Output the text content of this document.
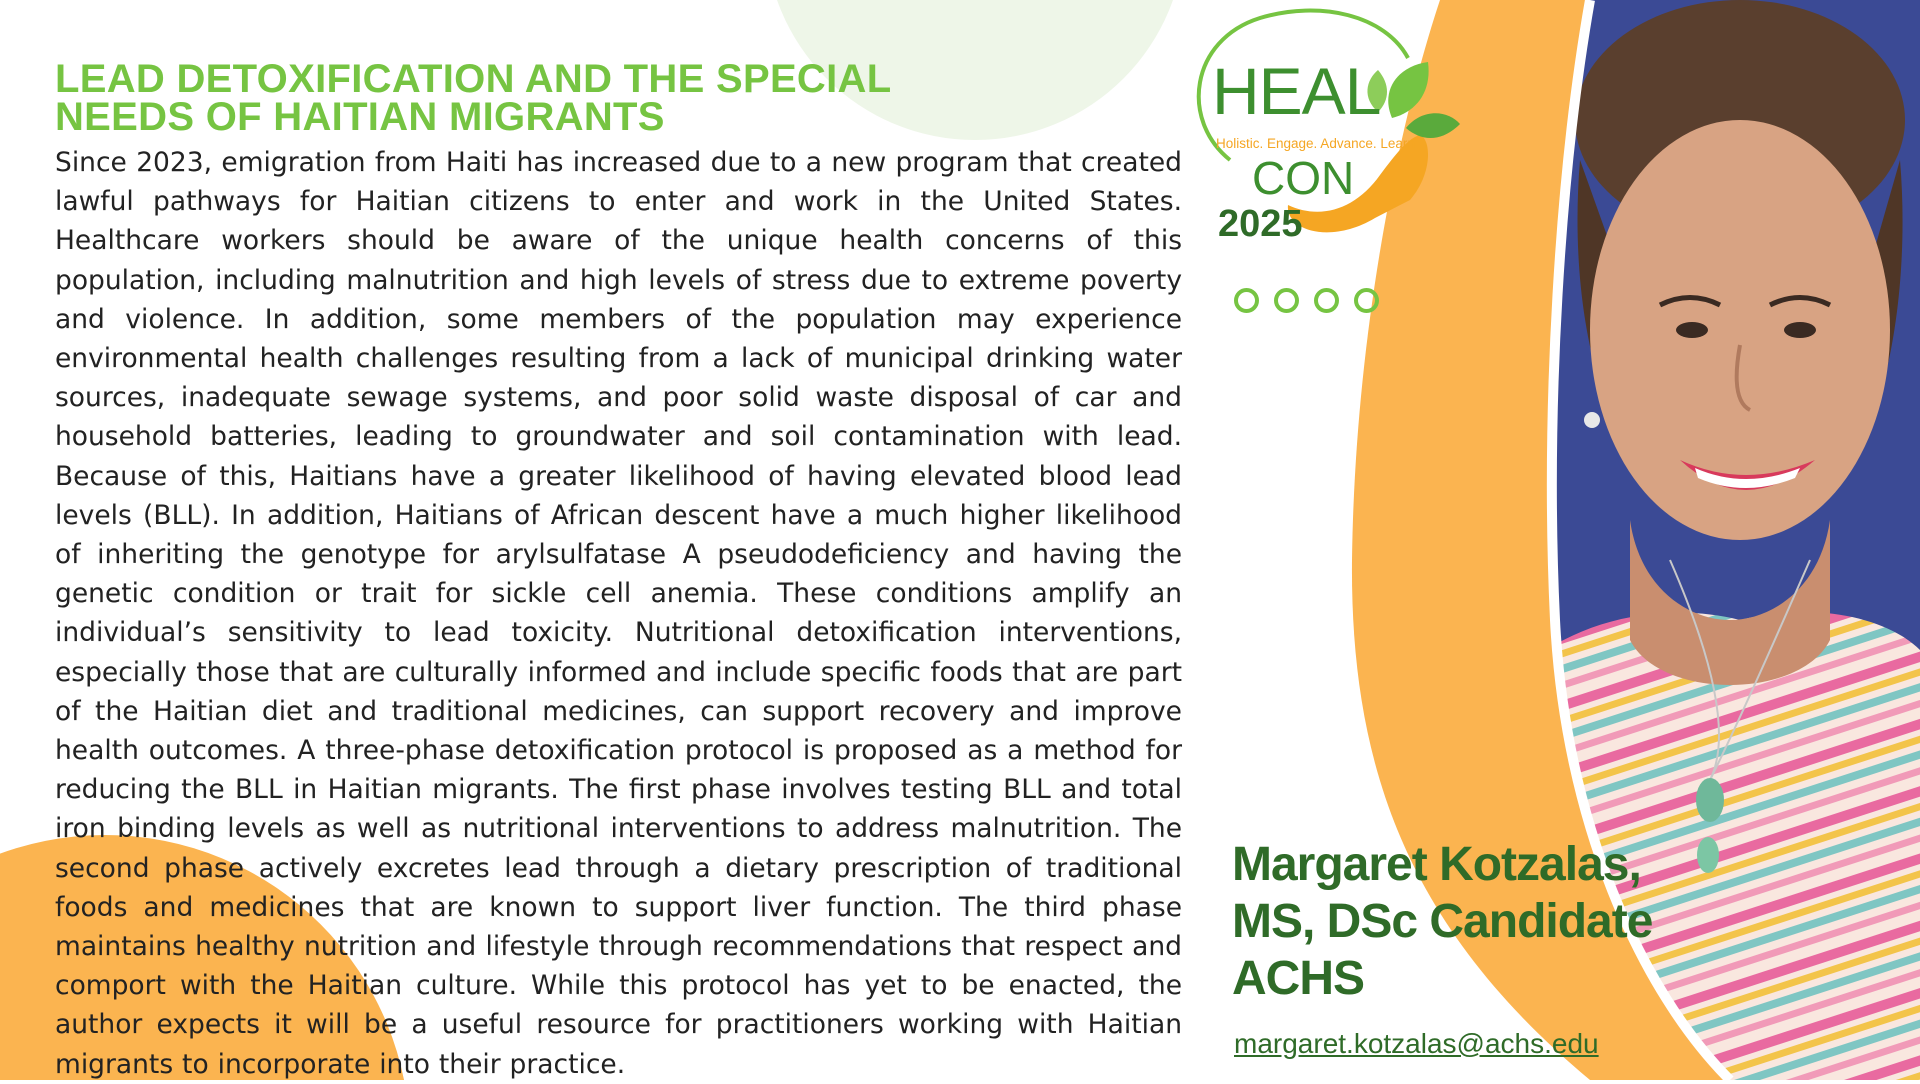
LEAD DETOXIFICATION AND THE SPECIAL
NEEDS OF HAITIAN MIGRANTS

Since 2023, emigration from Haiti has increased due to a new program that created lawful pathways for Haitian citizens to enter and work in the United States. Healthcare workers should be aware of the unique health concerns of this population, including malnutrition and high levels of stress due to extreme poverty and violence. In addition, some members of the population may experience environmental health challenges resulting from a lack of municipal drinking water sources, inadequate sewage systems, and poor solid waste disposal of car and household batteries, leading to groundwater and soil contamination with lead. Because of this, Haitians have a greater likelihood of having elevated blood lead levels (BLL). In addition, Haitians of African descent have a much higher likelihood of inheriting the genotype for arylsulfatase A pseudodeficiency and having the genetic condition or trait for sickle cell anemia. These conditions amplify an individual’s sensitivity to lead toxicity. Nutritional detoxification interventions, especially those that are culturally informed and include specific foods that are part of the Haitian diet and traditional medicines, can support recovery and improve health outcomes. A three-phase detoxification protocol is proposed as a method for reducing the BLL in Haitian migrants. The first phase involves testing BLL and total iron binding levels as well as nutritional interventions to address malnutrition. The second phase actively excretes lead through a dietary prescription of traditional foods and medicines that are known to support liver function. The third phase maintains healthy nutrition and lifestyle through recommendations that respect and comport with the Haitian culture. While this protocol has yet to be enacted, the author expects it will be a useful resource for practitioners working with Haitian migrants to incorporate into their practice.

HEAL
Holistic. Engage. Advance. Learn.
CON
2025
Margaret Kotzalas,
MS, DSc Candidate
ACHS
margaret.kotzalas@achs.edu
